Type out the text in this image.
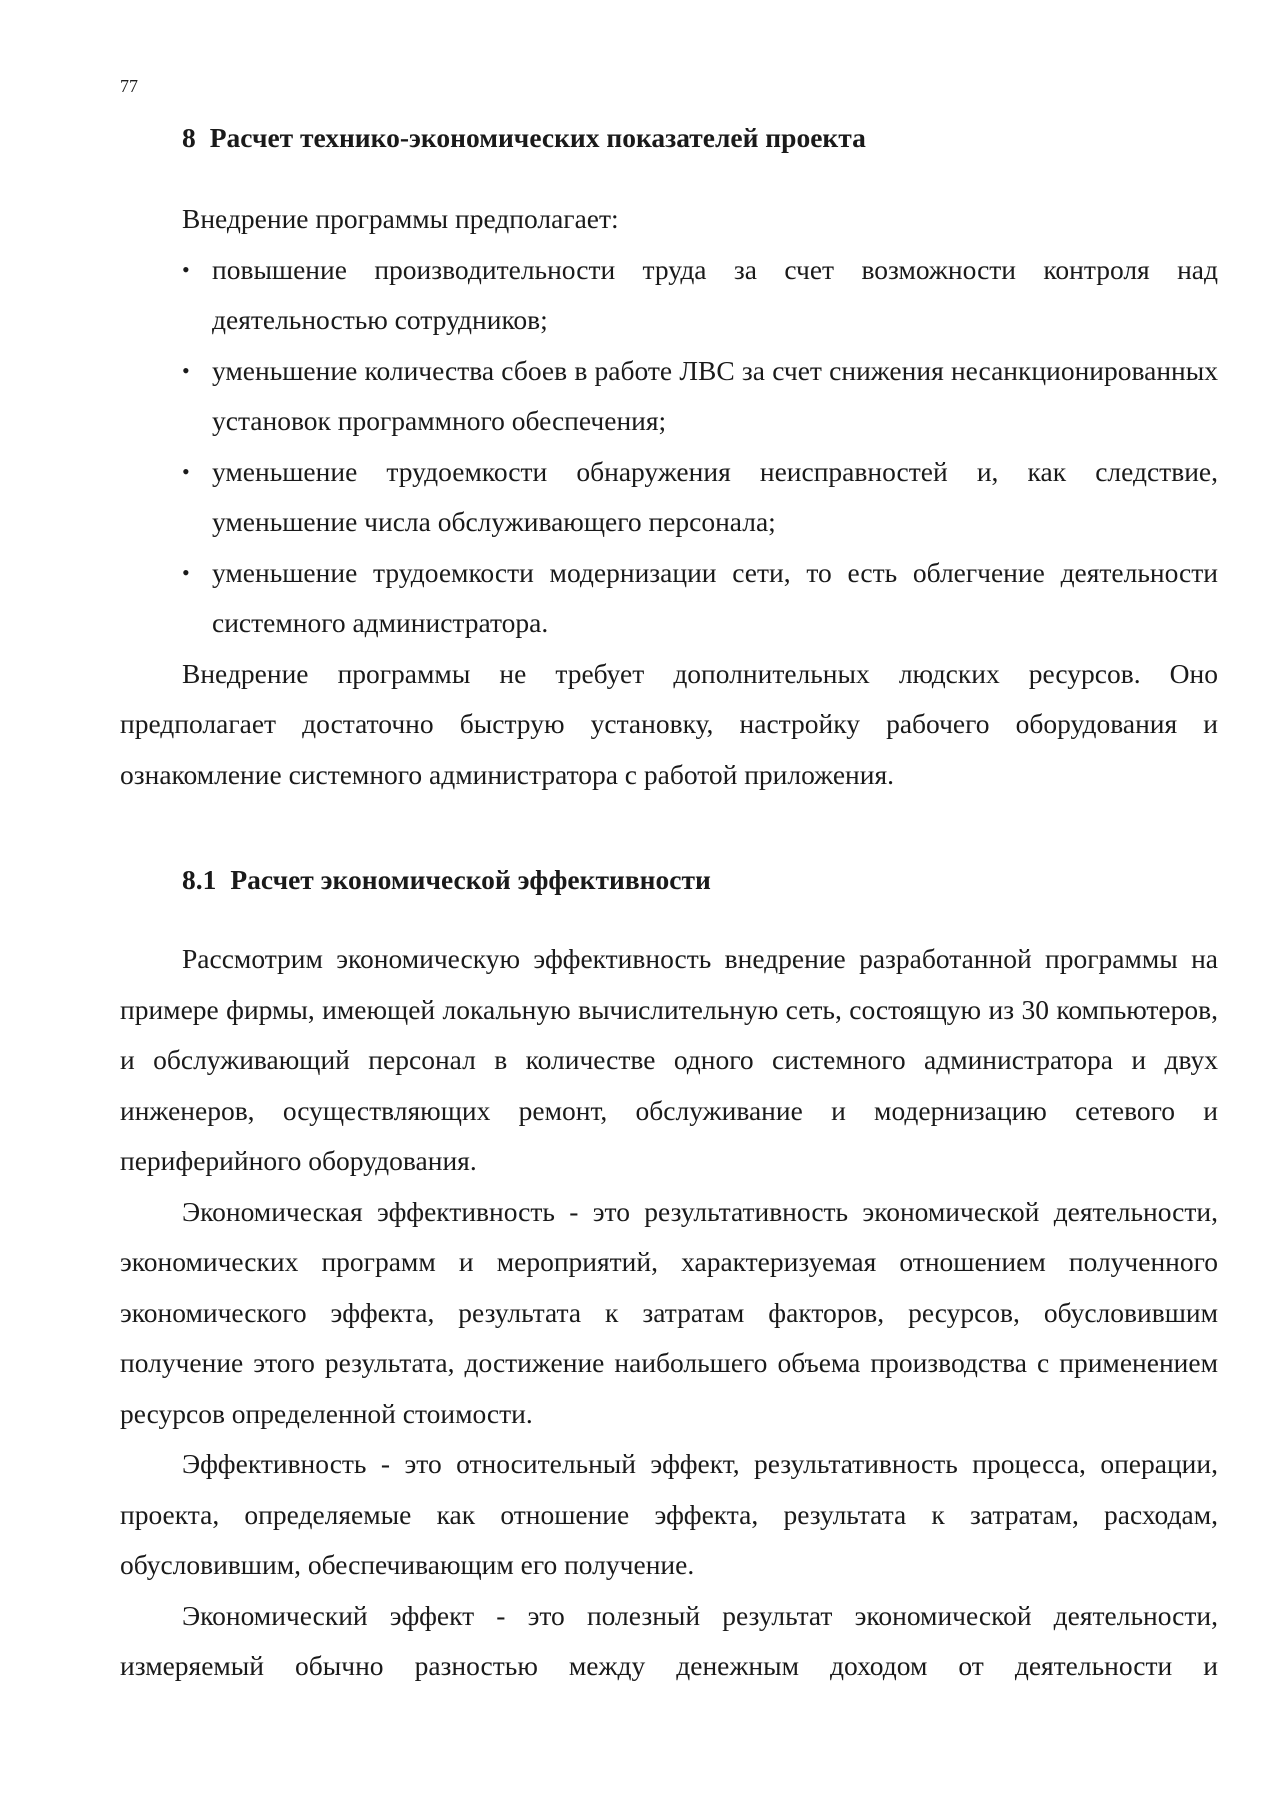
77
8 Расчет технико-экономических показателей проекта

Внедрение программы предполагает:

• повышение производительности труда за счет возможности контроля над деятельностью сотрудников;
• уменьшение количества сбоев в работе ЛВС за счет снижения несанкционированных установок программного обеспечения;
• уменьшение трудоемкости обнаружения неисправностей и, как следствие, уменьшение числа обслуживающего персонала;
• уменьшение трудоемкости модернизации сети, то есть облегчение деятельности системного администратора.

Внедрение программы не требует дополнительных людских ресурсов. Оно предполагает достаточно быструю установку, настройку рабочего оборудования и ознакомление системного администратора с работой приложения.

8.1 Расчет экономической эффективности

Рассмотрим экономическую эффективность внедрение разработанной программы на примере фирмы, имеющей локальную вычислительную сеть, состоящую из 30 компьютеров, и обслуживающий персонал в количестве одного системного администратора и двух инженеров, осуществляющих ремонт, обслуживание и модернизацию сетевого и периферийного оборудования.

Экономическая эффективность - это результативность экономической деятельности, экономических программ и мероприятий, характеризуемая отношением полученного экономического эффекта, результата к затратам факторов, ресурсов, обусловившим получение этого результата, достижение наибольшего объема производства с применением ресурсов определенной стоимости.

Эффективность - это относительный эффект, результативность процесса, операции, проекта, определяемые как отношение эффекта, результата к затратам, расходам, обусловившим, обеспечивающим его получение.

Экономический эффект - это полезный результат экономической деятельности, измеряемый обычно разностью между денежным доходом от деятельности и
